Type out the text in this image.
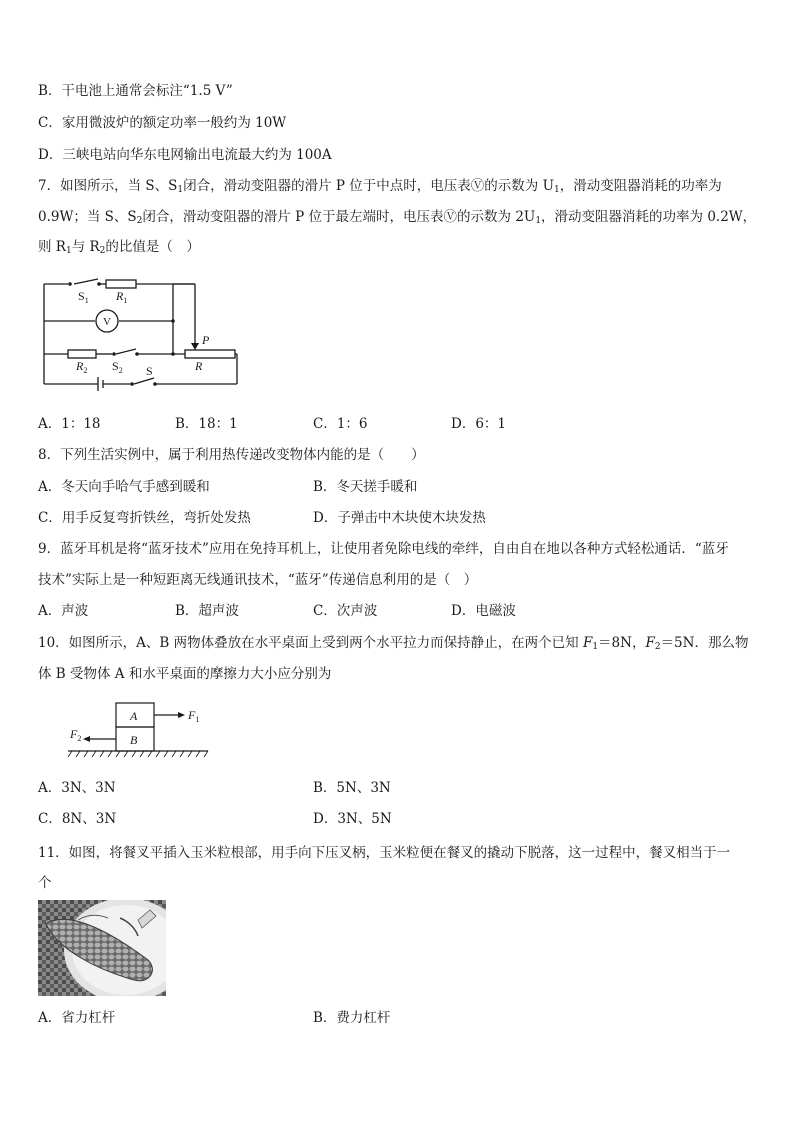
B．干电池上通常会标注“1.5 V”
C．家用微波炉的额定功率一般约为 10W
D．三峡电站向华东电网输出电流最大约为 100A
7．如图所示，当 S、$S_1$闭合，滑动变阻器的滑片 P 位于中点时，电压表Ⓥ的示数为 $U_1$，滑动变阻器消耗的功率为
0.9W；当 S、$S_2$闭合，滑动变阻器的滑片 P 位于最左端时，电压表Ⓥ的示数为 $2U_1$，滑动变阻器消耗的功率为 0.2W，
则 $R_1$与 $R_2$的比值是（　）
$S_1$ $R_1$
V
P
$R_2$ $S_2$	R
S
A．1：18	B．18：1	C．1：6	D．6：1
8．下列生活实例中，属于利用热传递改变物体内能的是（　　）
A．冬天向手哈气手感到暖和	B．冬天搓手暖和
C．用手反复弯折铁丝，弯折处发热	D．子弹击中木块使木块发热
9．蓝牙耳机是将“蓝牙技术”应用在免持耳机上，让使用者免除电线的牵绊，自由自在地以各种方式轻松通话．“蓝牙
技术”实际上是一种短距离无线通讯技术，“蓝牙”传递信息利用的是（　）
A．声波	B．超声波	C．次声波	D．电磁波
10．如图所示，A、B 两物体叠放在水平桌面上受到两个水平拉力而保持静止，在两个已知 $F_1=8N$，$F_2=5N$．那么物
体 B 受物体 A 和水平桌面的摩擦力大小应分别为
A
B
$F_1$
$F_2$
A．3N、3N	B．5N、3N
C．8N、3N	D．3N、5N
11．如图，将餐叉平插入玉米粒根部，用手向下压叉柄，玉米粒便在餐叉的撬动下脱落，这一过程中，餐叉相当于一
个
A．省力杠杆	B．费力杠杆
